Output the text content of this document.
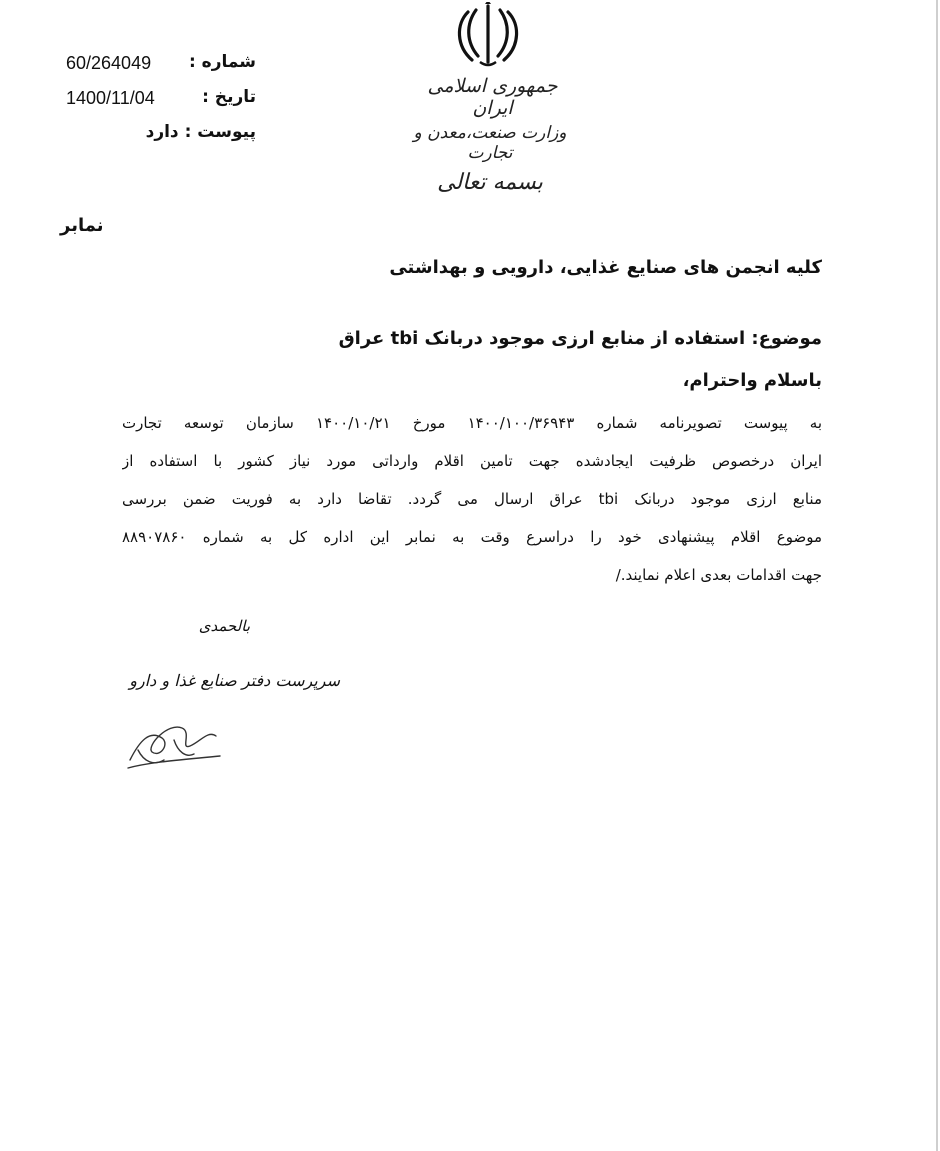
جمهوری اسلامی ایران
وزارت صنعت،معدن و تجارت
بسمه تعالی
شماره :
60/264049
تاریخ :
1400/11/04
پیوست : دارد
نمابر
کلیه انجمن های صنایع غذایی، دارویی و بهداشتی
موضوع: استفاده از منابع ارزی موجود دربانک tbi عراق
باسلام واحترام،
به پیوست تصویرنامه شماره ۱۴۰۰/۱۰۰/۳۶۹۴۳ مورخ ۱۴۰۰/۱۰/۲۱ سازمان توسعه تجارت
ایران درخصوص ظرفیت ایجادشده جهت تامین اقلام وارداتی مورد نیاز کشور با استفاده از
منابع ارزی موجود دربانک tbi عراق ارسال می گردد. تقاضا دارد به فوریت ضمن بررسی
موضوع اقلام پیشنهادی خود را دراسرع وقت به نمابر این اداره کل به شماره ۸۸۹۰۷۸۶۰
جهت اقدامات بعدی اعلام نمایند./
بالحمدی
سرپرست دفتر صنایع غذا و دارو
